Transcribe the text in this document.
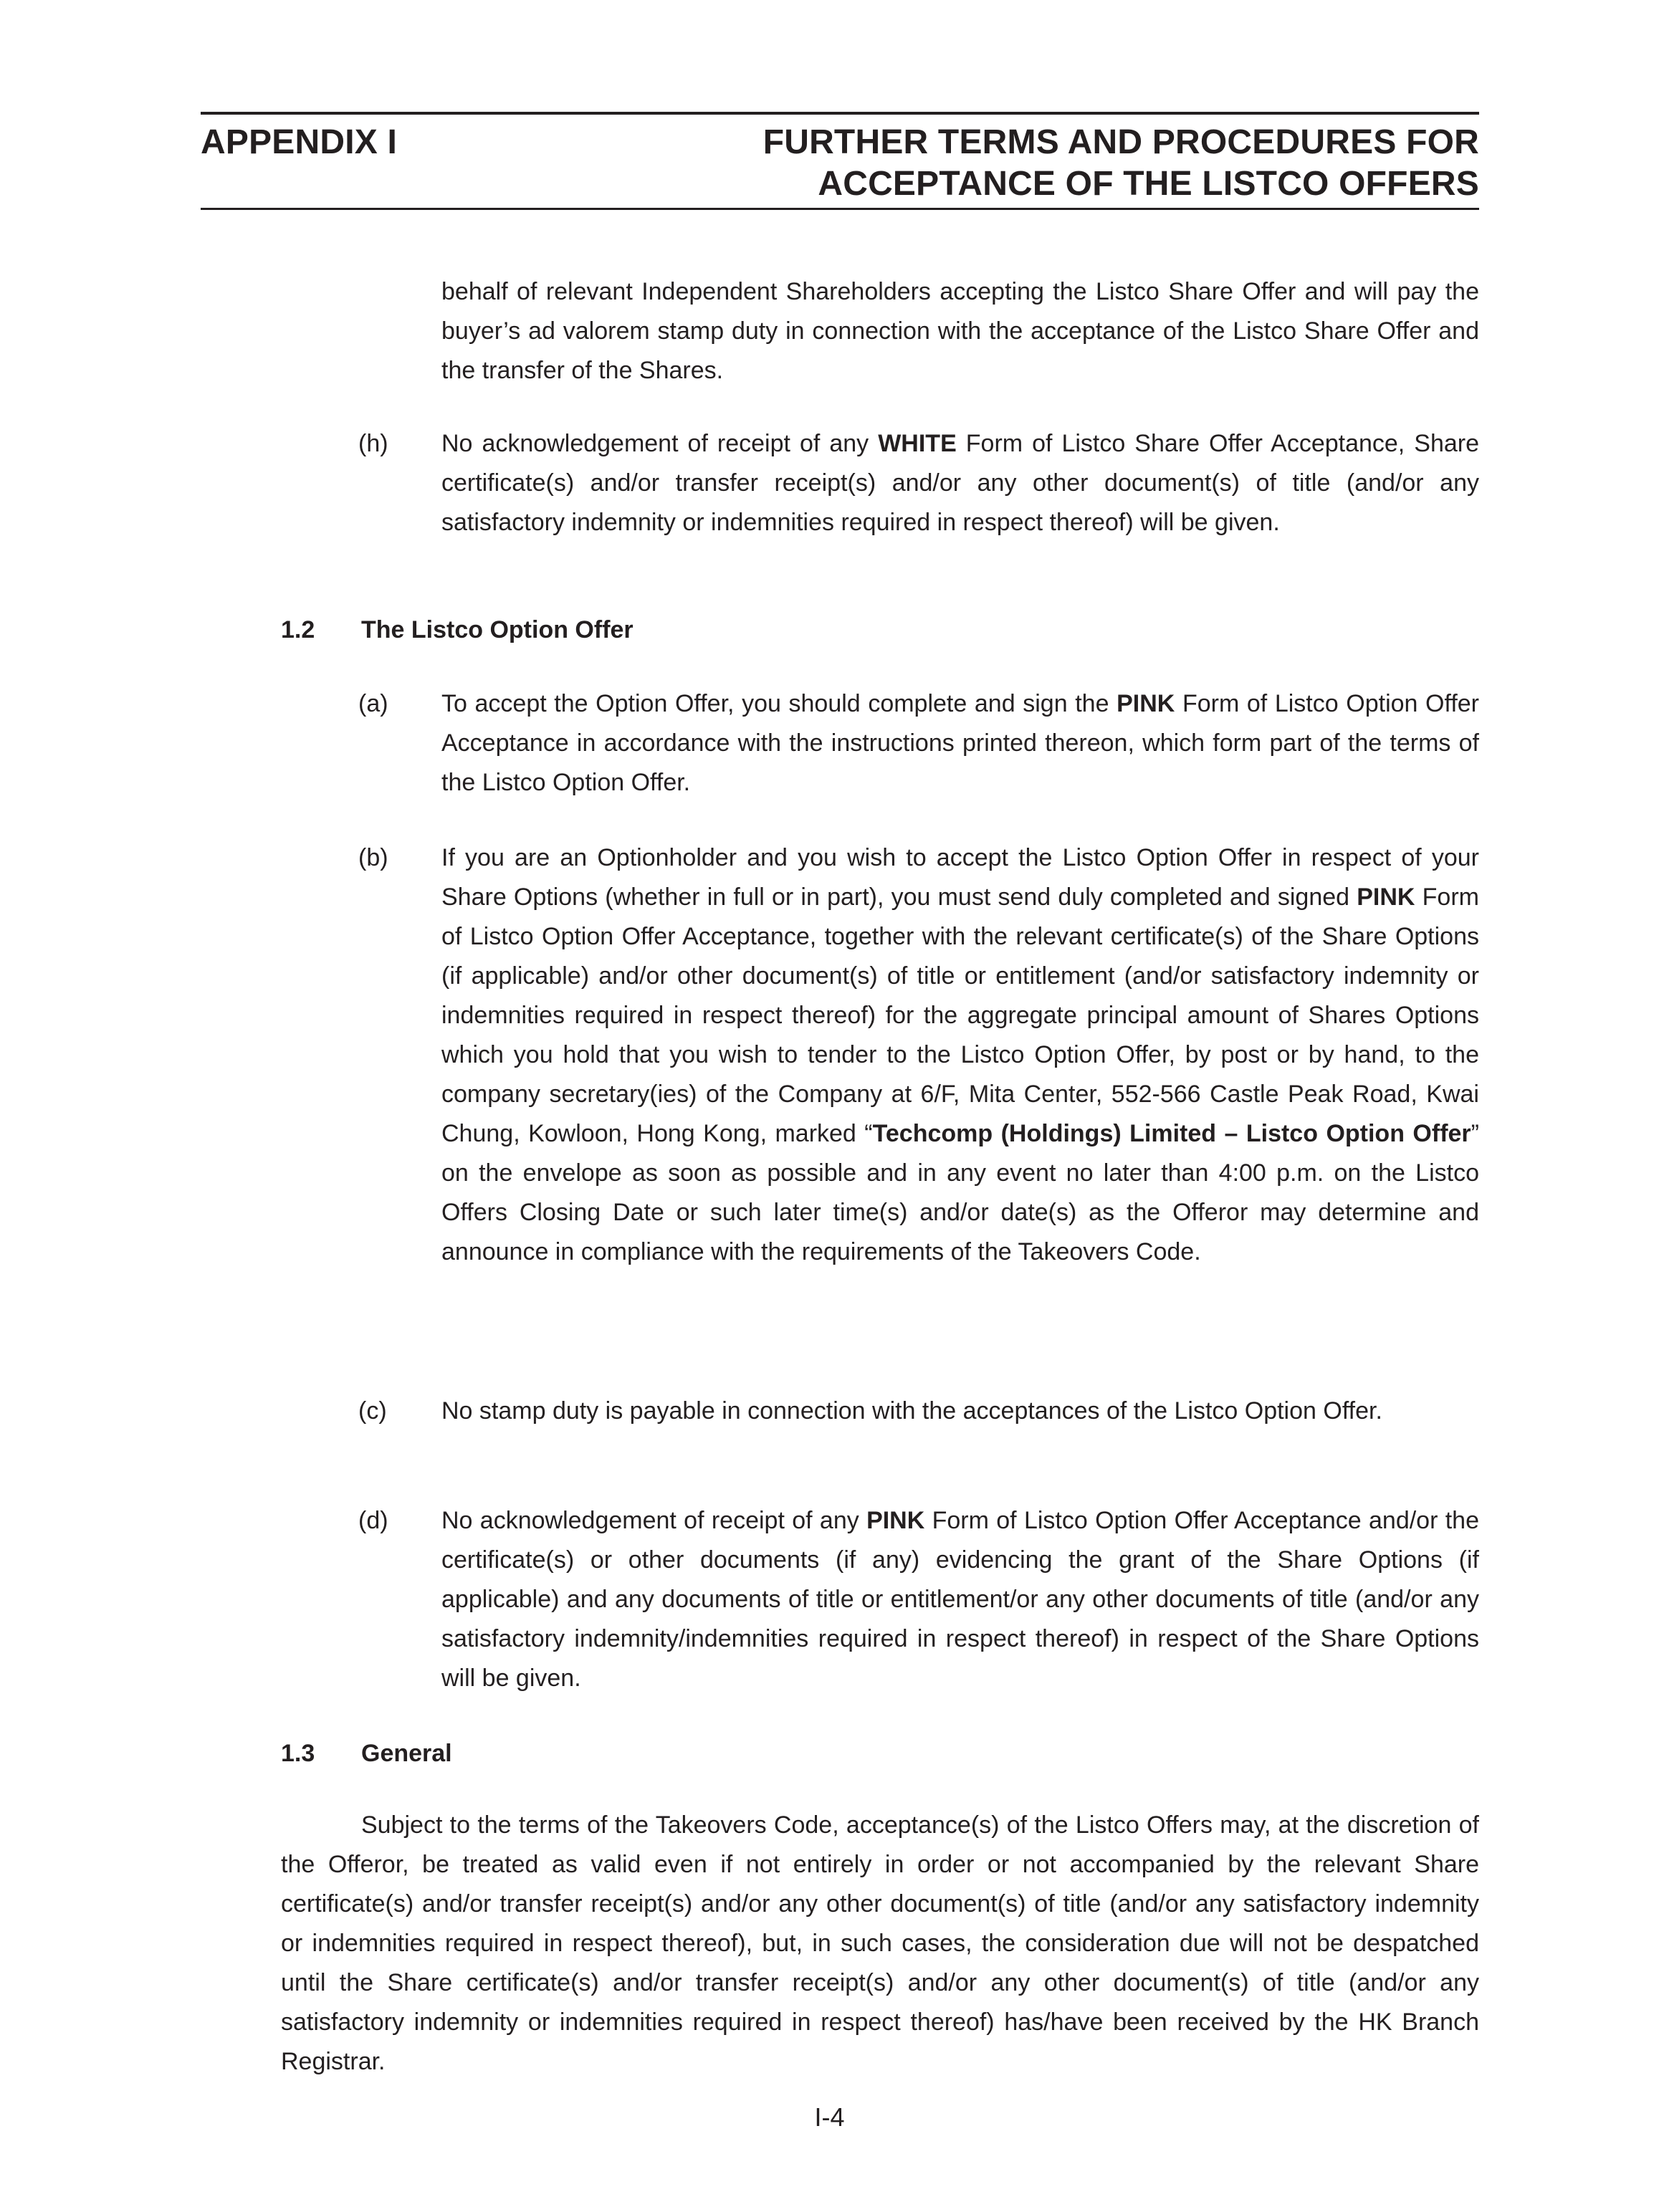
APPENDIX I	FURTHER TERMS AND PROCEDURES FOR
ACCEPTANCE OF THE LISTCO OFFERS

behalf of relevant Independent Shareholders accepting the Listco Share Offer and will pay the buyer’s ad valorem stamp duty in connection with the acceptance of the Listco Share Offer and the transfer of the Shares.

(h) No acknowledgement of receipt of any WHITE Form of Listco Share Offer Acceptance, Share certificate(s) and/or transfer receipt(s) and/or any other document(s) of title (and/or any satisfactory indemnity or indemnities required in respect thereof) will be given.

1.2 The Listco Option Offer

(a) To accept the Option Offer, you should complete and sign the PINK Form of Listco Option Offer Acceptance in accordance with the instructions printed thereon, which form part of the terms of the Listco Option Offer.

(b) If you are an Optionholder and you wish to accept the Listco Option Offer in respect of your Share Options (whether in full or in part), you must send duly completed and signed PINK Form of Listco Option Offer Acceptance, together with the relevant certificate(s) of the Share Options (if applicable) and/or other document(s) of title or entitlement (and/or satisfactory indemnity or indemnities required in respect thereof) for the aggregate principal amount of Shares Options which you hold that you wish to tender to the Listco Option Offer, by post or by hand, to the company secretary(ies) of the Company at 6/F, Mita Center, 552-566 Castle Peak Road, Kwai Chung, Kowloon, Hong Kong, marked “Techcomp (Holdings) Limited – Listco Option Offer” on the envelope as soon as possible and in any event no later than 4:00 p.m. on the Listco Offers Closing Date or such later time(s) and/or date(s) as the Offeror may determine and announce in compliance with the requirements of the Takeovers Code.

(c) No stamp duty is payable in connection with the acceptances of the Listco Option Offer.

(d) No acknowledgement of receipt of any PINK Form of Listco Option Offer Acceptance and/or the certificate(s) or other documents (if any) evidencing the grant of the Share Options (if applicable) and any documents of title or entitlement/or any other documents of title (and/or any satisfactory indemnity/indemnities required in respect thereof) in respect of the Share Options will be given.

1.3 General

Subject to the terms of the Takeovers Code, acceptance(s) of the Listco Offers may, at the discretion of the Offeror, be treated as valid even if not entirely in order or not accompanied by the relevant Share certificate(s) and/or transfer receipt(s) and/or any other document(s) of title (and/or any satisfactory indemnity or indemnities required in respect thereof), but, in such cases, the consideration due will not be despatched until the Share certificate(s) and/or transfer receipt(s) and/or any other document(s) of title (and/or any satisfactory indemnity or indemnities required in respect thereof) has/have been received by the HK Branch Registrar.

I-4
